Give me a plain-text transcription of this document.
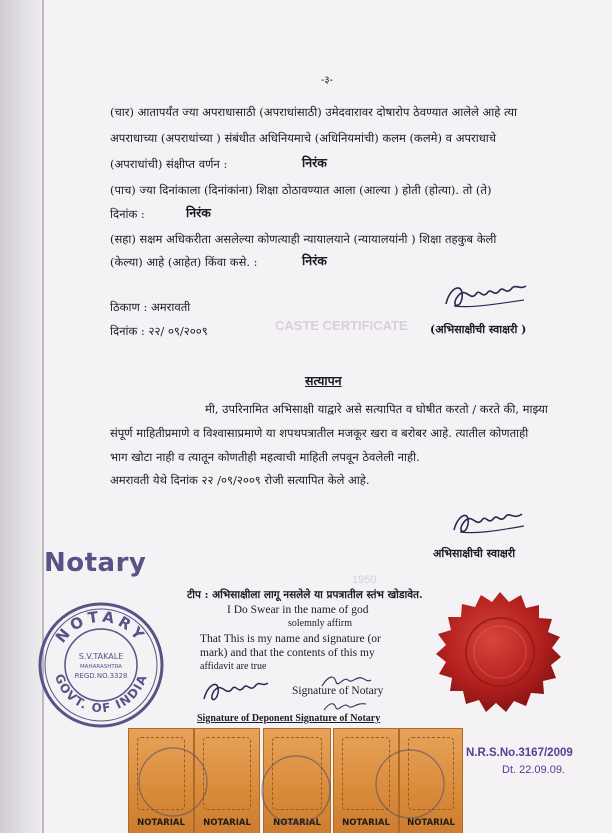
CASTE CERTIFICATE
1950
-३-
(चार) आतापर्यंत ज्या अपराधासाठी (अपराधांसाठी) उमेदवारावर दोषारोप ठेवण्यात आलेले आहे त्या
अपराधाच्या (अपराधांच्या ) संबंधीत अधिनियमाचे (अधिनियमांची) कलम (कलमे) व अपराधाचे
(अपराधांची) संक्षीप्त वर्णन :	निरंक
(पाच) ज्या दिनांकाला (दिनांकांना) शिक्षा ठोठावण्यात आला (आल्या ) होती (होत्या). तो (ते)
दिनांक :	निरंक
(सहा) सक्षम अधिकरीता असलेल्या कोणत्याही न्यायालयाने (न्यायालयांनी ) शिक्षा तहकुब केली
(केल्या) आहे (आहेत) किंवा कसे. :	निरंक
ठिकाण : अमरावती
दिनांक : २२/ ०९/२००९	(अभिसाक्षीची स्वाक्षरी )
सत्यापन
मी, उपरिनामित अभिसाक्षी याद्वारे असे सत्यापित व घोषीत करतो / करते की, माझ्या
संपूर्ण माहितीप्रमाणे व विश्वासाप्रमाणे या शपथपत्रातील मजकूर खरा व बरोबर आहे. त्यातील कोणताही
भाग खोटा नाही व त्यातून कोणतीही महत्वाची माहिती लपवून ठेवलेली नाही.
अमरावती येथे दिनांक २२ /०९/२००९ रोजी सत्यापित केले आहे.
अभिसाक्षीची स्वाक्षरी
Notary
टीप : अभिसाक्षीला लागू नसलेले या प्रपत्रातील स्तंभ खोडावेत.
NOTARY
GOVT. OF INDIA
S.V.TAKALE
MAHARASHTRA
REGD.NO.3328
I Do Swear in the name of god
solemnly affirm
That This is my name and signature (or
mark) and that the contents of this my
affidavit are true
Signature of Notary
Signature of Deponent Signature of Notary
NOTARIAL	NOTARIAL	NOTARIAL	NOTARIAL	NOTARIAL
N.R.S.No.3167/2009
Dt. 22.09.09.
